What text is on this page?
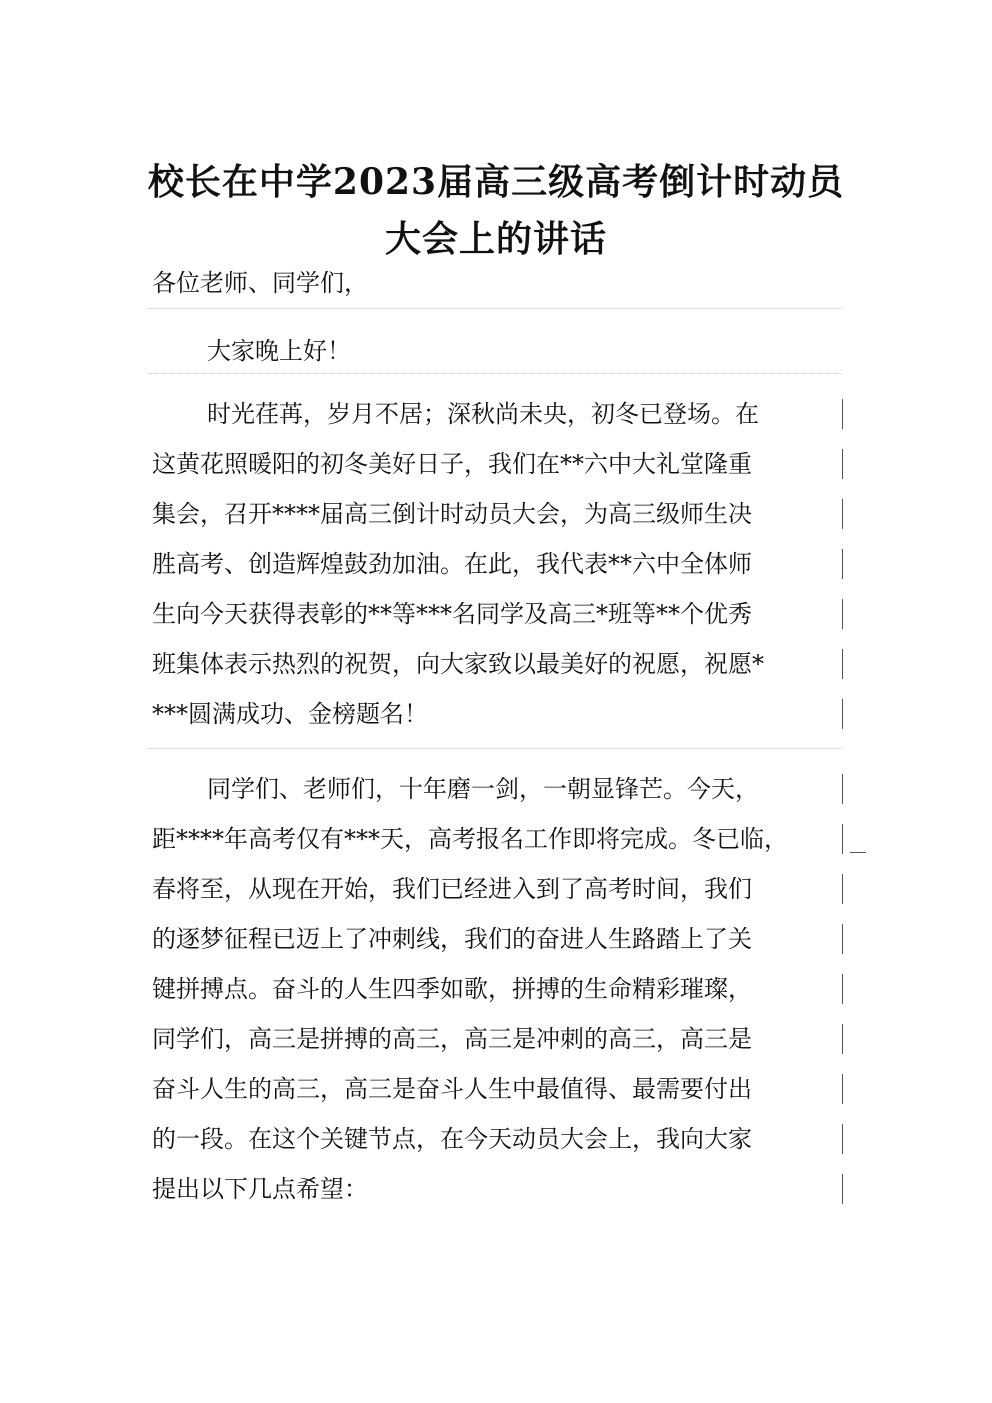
校长在中学2023届高三级高考倒计时动员
大会上的讲话
各位老师、同学们，
大家晚上好！
时光荏苒，岁月不居；深秋尚未央，初冬已登场。在
这黄花照暖阳的初冬美好日子，我们在**六中大礼堂隆重
集会，召开****届高三倒计时动员大会，为高三级师生决
胜高考、创造辉煌鼓劲加油。在此，我代表**六中全体师
生向今天获得表彰的**等***名同学及高三*班等**个优秀
班集体表示热烈的祝贺，向大家致以最美好的祝愿，祝愿*
***圆满成功、金榜题名！
同学们、老师们，十年磨一剑，一朝显锋芒。今天，
距****年高考仅有***天，高考报名工作即将完成。冬已临，
春将至，从现在开始，我们已经进入到了高考时间，我们
的逐梦征程已迈上了冲刺线，我们的奋进人生路踏上了关
键拼搏点。奋斗的人生四季如歌，拼搏的生命精彩璀璨，
同学们，高三是拼搏的高三，高三是冲刺的高三，高三是
奋斗人生的高三，高三是奋斗人生中最值得、最需要付出
的一段。在这个关键节点，在今天动员大会上，我向大家
提出以下几点希望：
